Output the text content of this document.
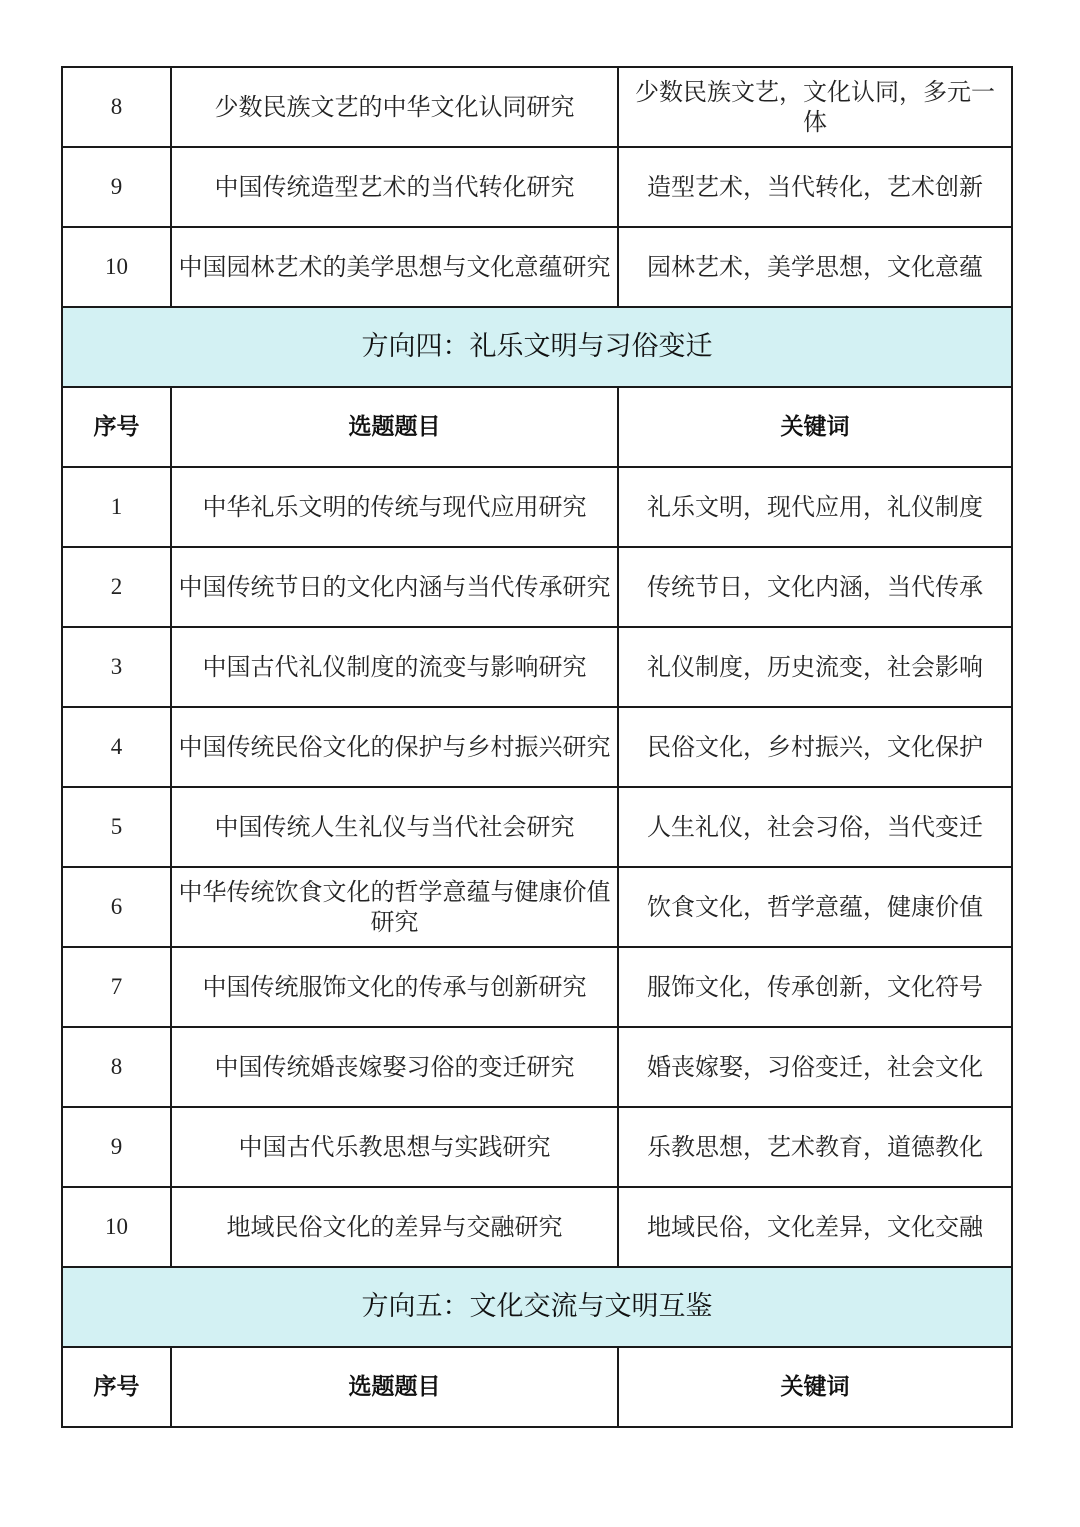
8	少数民族文艺的中华文化认同研究	少数民族文艺，文化认同，多元一体
9	中国传统造型艺术的当代转化研究	造型艺术，当代转化，艺术创新
10	中国园林艺术的美学思想与文化意蕴研究	园林艺术，美学思想，文化意蕴
方向四：礼乐文明与习俗变迁		
序号	选题题目	关键词
1	中华礼乐文明的传统与现代应用研究	礼乐文明，现代应用，礼仪制度
2	中国传统节日的文化内涵与当代传承研究	传统节日，文化内涵，当代传承
3	中国古代礼仪制度的流变与影响研究	礼仪制度，历史流变，社会影响
4	中国传统民俗文化的保护与乡村振兴研究	民俗文化，乡村振兴，文化保护
5	中国传统人生礼仪与当代社会研究	人生礼仪，社会习俗，当代变迁
6	中华传统饮食文化的哲学意蕴与健康价值研究	饮食文化，哲学意蕴，健康价值
7	中国传统服饰文化的传承与创新研究	服饰文化，传承创新，文化符号
8	中国传统婚丧嫁娶习俗的变迁研究	婚丧嫁娶，习俗变迁，社会文化
9	中国古代乐教思想与实践研究	乐教思想，艺术教育，道德教化
10	地域民俗文化的差异与交融研究	地域民俗，文化差异，文化交融
方向五：文化交流与文明互鉴		
序号	选题题目	关键词
